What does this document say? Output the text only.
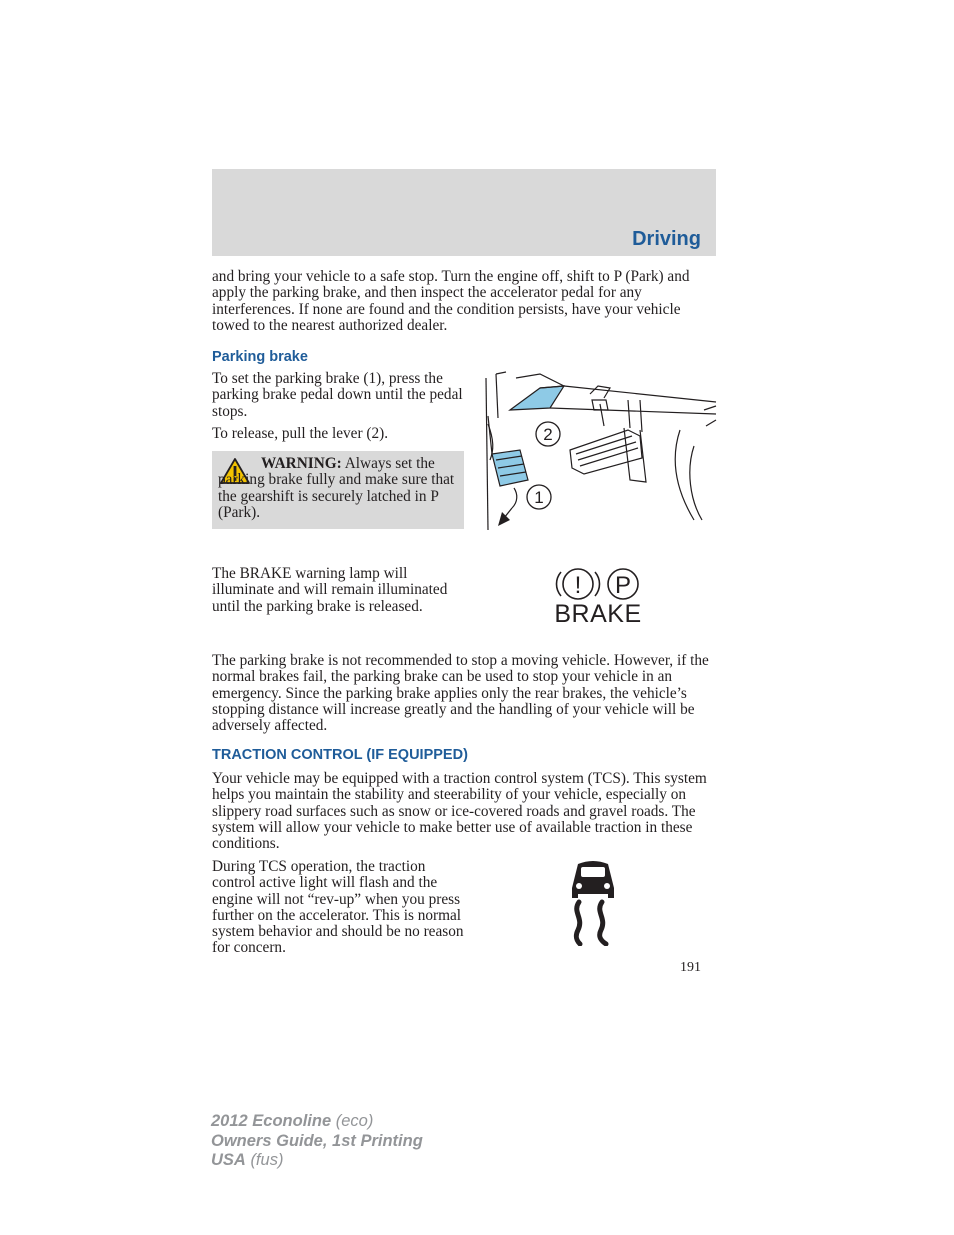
Driving

and bring your vehicle to a safe stop. Turn the engine off, shift to P (Park) and apply the parking brake, and then inspect the accelerator pedal for any interferences. If none are found and the condition persists, have your vehicle towed to the nearest authorized dealer.

Parking brake

To set the parking brake (1), press the parking brake pedal down until the pedal stops.

To release, pull the lever (2).

WARNING: Always set the parking brake fully and make sure that the gearshift is securely latched in P (Park).
2
1

The BRAKE warning lamp will illuminate and will remain illuminated until the parking brake is released.

! P
BRAKE

The parking brake is not recommended to stop a moving vehicle. However, if the normal brakes fail, the parking brake can be used to stop your vehicle in an emergency. Since the parking brake applies only the rear brakes, the vehicle’s stopping distance will increase greatly and the handling of your vehicle will be adversely affected.

TRACTION CONTROL (IF EQUIPPED)

Your vehicle may be equipped with a traction control system (TCS). This system helps you maintain the stability and steerability of your vehicle, especially on slippery road surfaces such as snow or ice-covered roads and gravel roads. The system will allow your vehicle to make better use of available traction in these conditions.

During TCS operation, the traction control active light will flash and the engine will not “rev-up” when you press further on the accelerator. This is normal system behavior and should be no reason for concern.

191
2012 Econoline (eco)
Owners Guide, 1st Printing
USA (fus)
